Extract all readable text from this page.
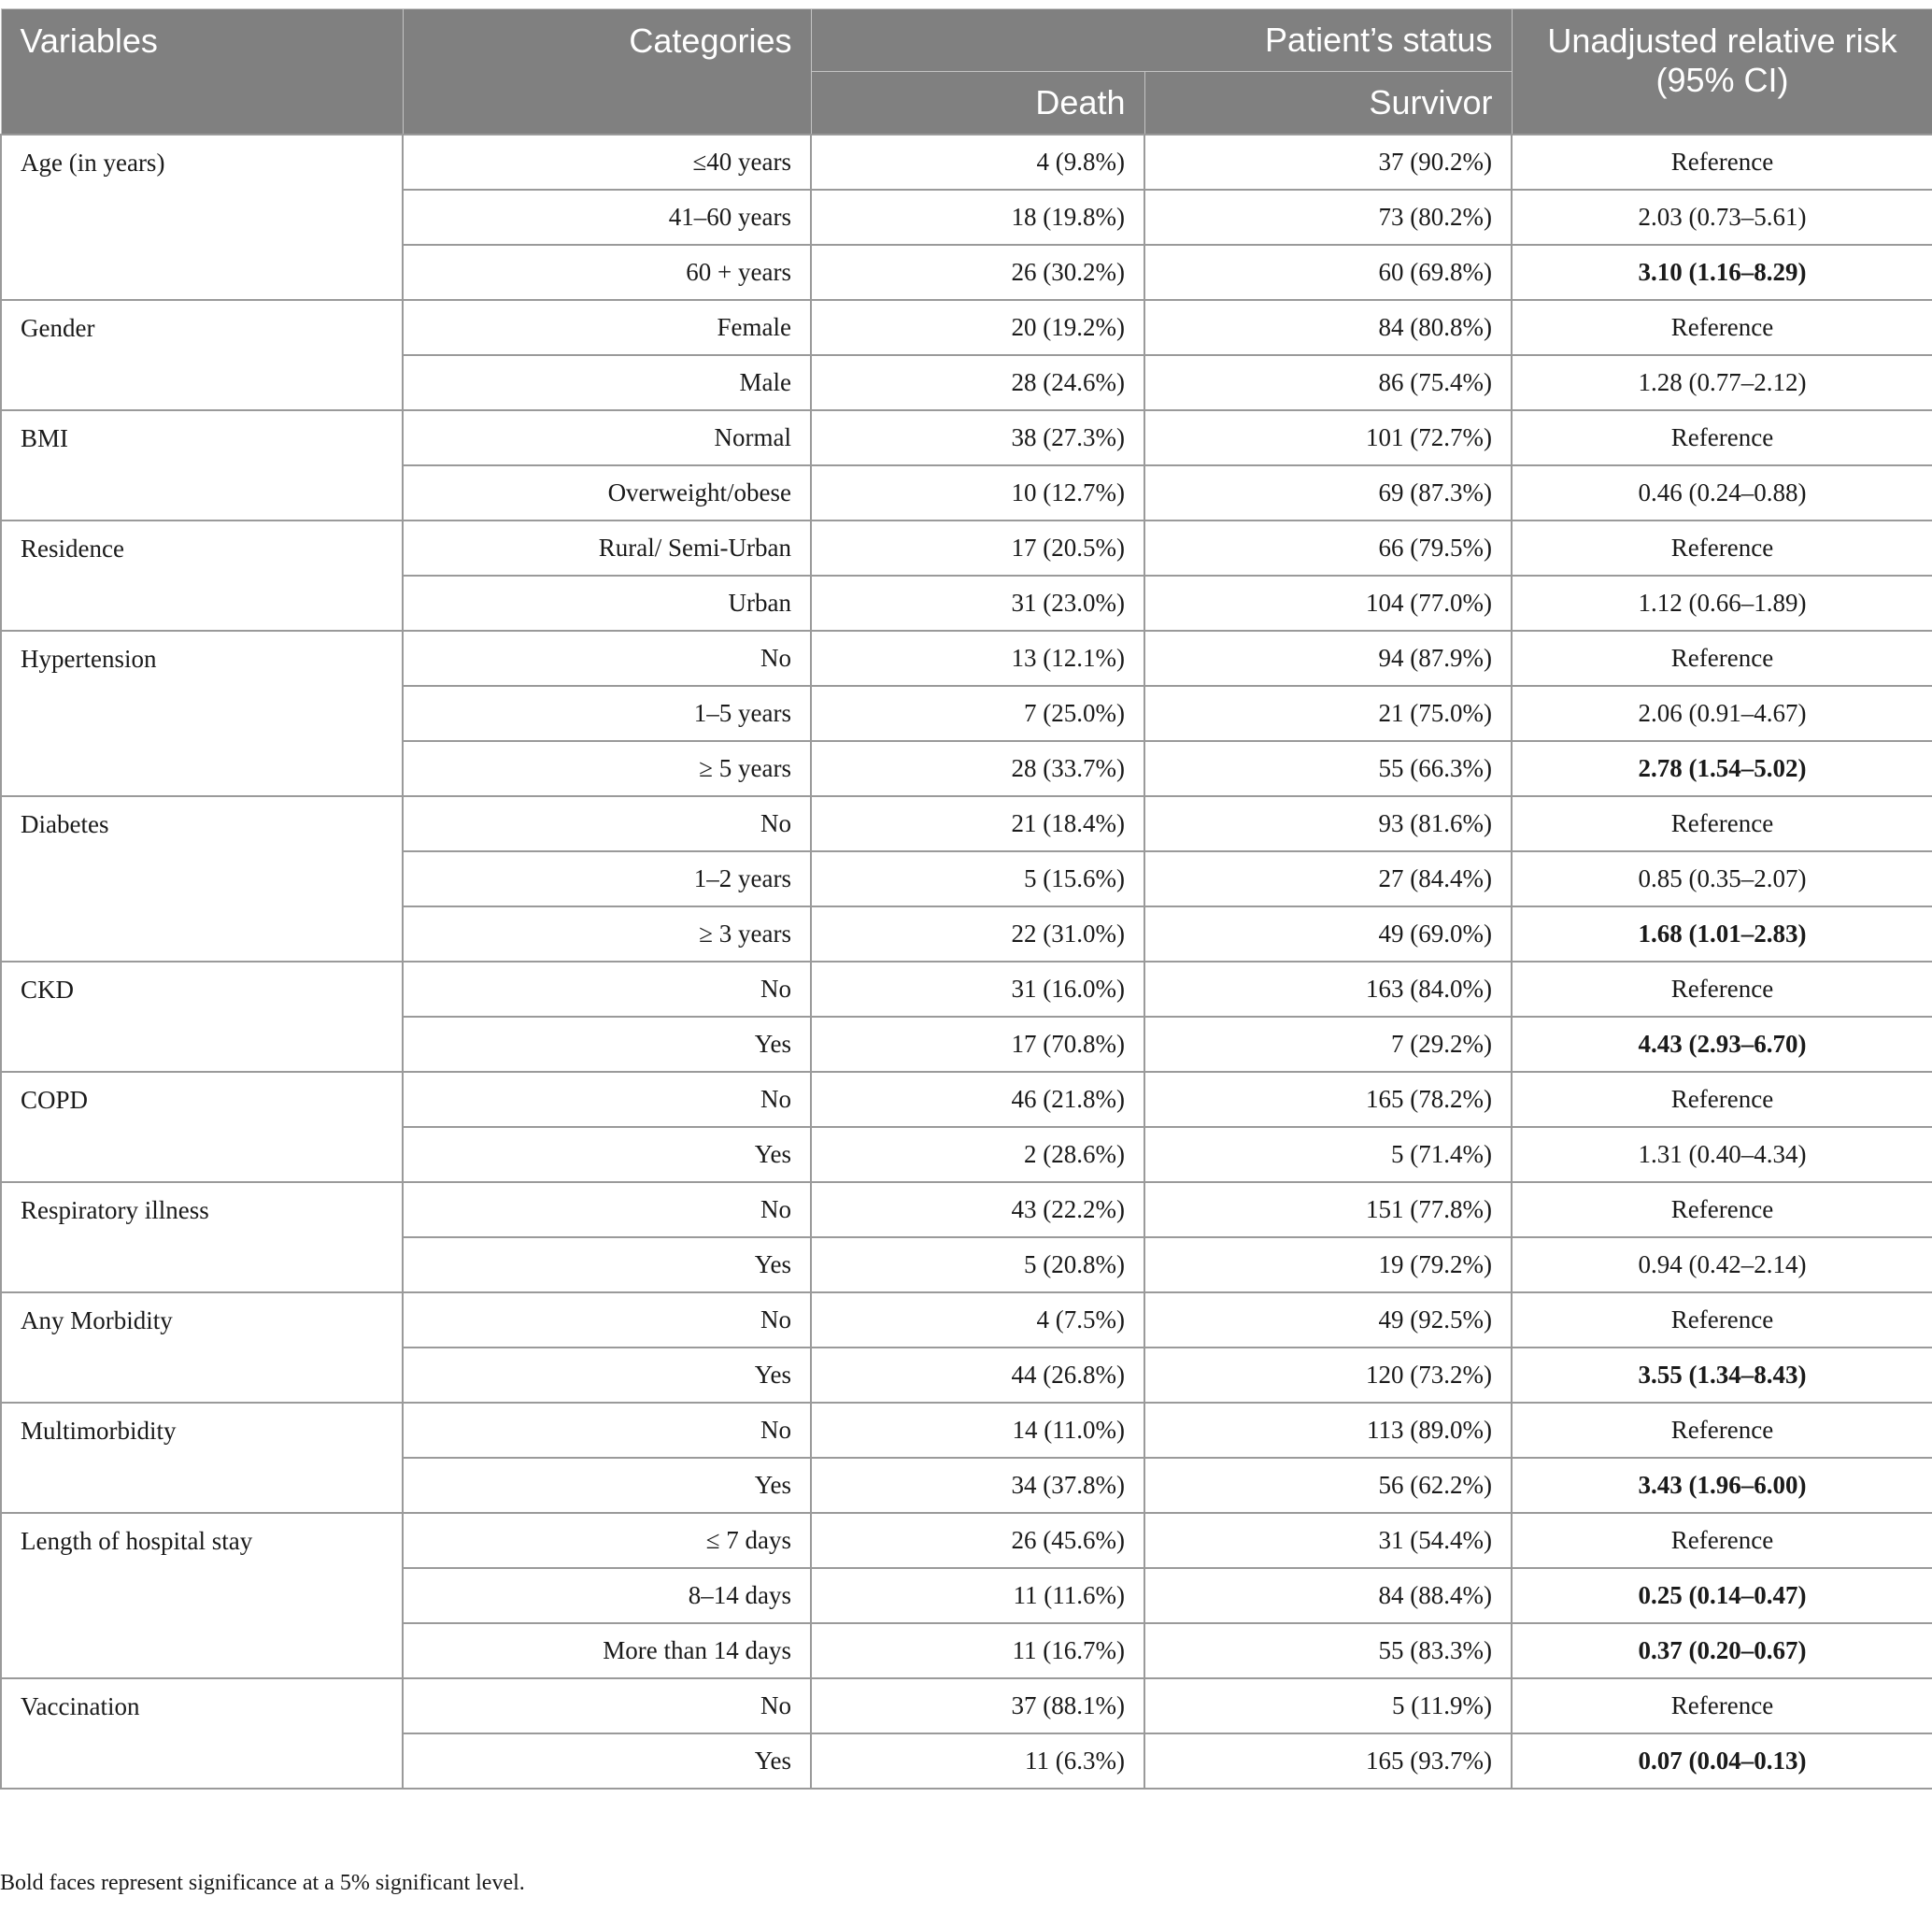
Variables	Categories	Patient’s status		Unadjusted relative risk
(95% CI)

		Death	Survivor	
Age (in years)	≤40 years	4 (9.8%)	37 (90.2%)	Reference
	41–60 years	18 (19.8%)	73 (80.2%)	2.03 (0.73–5.61)
	60 + years	26 (30.2%)	60 (69.8%)	3.10 (1.16–8.29)
Gender	Female	20 (19.2%)	84 (80.8%)	Reference
	Male	28 (24.6%)	86 (75.4%)	1.28 (0.77–2.12)
BMI	Normal	38 (27.3%)	101 (72.7%)	Reference
	Overweight/obese	10 (12.7%)	69 (87.3%)	0.46 (0.24–0.88)
Residence	Rural/ Semi-Urban	17 (20.5%)	66 (79.5%)	Reference
	Urban	31 (23.0%)	104 (77.0%)	1.12 (0.66–1.89)
Hypertension	No	13 (12.1%)	94 (87.9%)	Reference
	1–5 years	7 (25.0%)	21 (75.0%)	2.06 (0.91–4.67)
	≥ 5 years	28 (33.7%)	55 (66.3%)	2.78 (1.54–5.02)
Diabetes	No	21 (18.4%)	93 (81.6%)	Reference
	1–2 years	5 (15.6%)	27 (84.4%)	0.85 (0.35–2.07)
	≥ 3 years	22 (31.0%)	49 (69.0%)	1.68 (1.01–2.83)
CKD	No	31 (16.0%)	163 (84.0%)	Reference
	Yes	17 (70.8%)	7 (29.2%)	4.43 (2.93–6.70)
COPD	No	46 (21.8%)	165 (78.2%)	Reference
	Yes	2 (28.6%)	5 (71.4%)	1.31 (0.40–4.34)
Respiratory illness	No	43 (22.2%)	151 (77.8%)	Reference
	Yes	5 (20.8%)	19 (79.2%)	0.94 (0.42–2.14)
Any Morbidity	No	4 (7.5%)	49 (92.5%)	Reference
	Yes	44 (26.8%)	120 (73.2%)	3.55 (1.34–8.43)
Multimorbidity	No	14 (11.0%)	113 (89.0%)	Reference
	Yes	34 (37.8%)	56 (62.2%)	3.43 (1.96–6.00)
Length of hospital stay	≤ 7 days	26 (45.6%)	31 (54.4%)	Reference
	8–14 days	11 (11.6%)	84 (88.4%)	0.25 (0.14–0.47)
	More than 14 days	11 (16.7%)	55 (83.3%)	0.37 (0.20–0.67)
Vaccination	No	37 (88.1%)	5 (11.9%)	Reference
	Yes	11 (6.3%)	165 (93.7%)	0.07 (0.04–0.13)
Bold faces represent significance at a 5% significant level.
